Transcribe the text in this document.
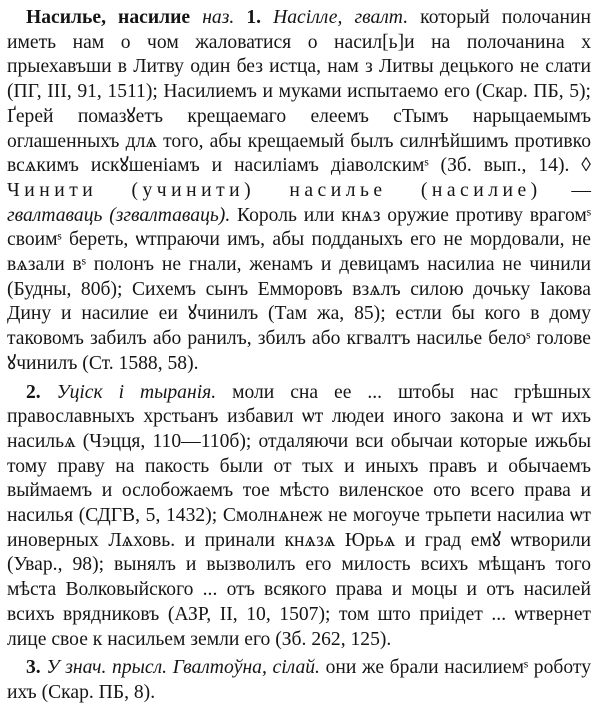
Насилье, насилие наз. 1. Насілле, гвалт. который полочанин иметь нам о чом жаловатися о насил[ь]и на полочанина х прыехавъши в Литву один без истца, нам з Литвы децького не слати (ПГ, III, 91, 1511); Насилиемъ и муками испытаемо его (Скар. ПБ, 5); Ґерей помазꙋетъ крещаемаго елеемъ сТымъ нарыцаемымъ оглашенныхъ длѧ того, абы крещаемый былъ силнѣйшимъ противко всѧкимъ искꙋшеніамъ и насиліамъ діаволскимˢ (Зб. вып., 14). ◊ Чинити (учинити) насилье (насилие) — гвалтаваць (згвалтаваць). Король или кнѧз оружие противу врагомˢ своимˢ береть, ѡтпраючи имъ, абы подданыхъ его не мордовали, не вѧзали вˢ полонъ не гнали, женамъ и девицамъ насилиа не чинили (Будны, 80б); Сихемъ сынъ Емморовъ взѧлъ силою дочьку Іакова Дину и насилие еи ꙋчинилъ (Там жа, 85); естли бы кого в дому таковомъ забилъ або ранилъ, збилъ або кгвалтъ насилье белоˢ голове ꙋчинилъ (Ст. 1588, 58).

2. Уціск і тыранія. моли сна ее ... штобы нас грѣшных православныхъ хрстьанъ избавил ѡт людеи иного закона и ѡт ихъ насильѧ (Чэцця, 110—110б); отдаляючи вси обычаи которые ижьбы тому праву на пакость были от тых и иныхъ правъ и обычаемъ выймаемъ и ослобожаемъ тое мѣсто виленское ото всего права и насилья (СДГВ, 5, 1432); Смолнѧнеж не могоуче трьпети насилиа ѡт иноверных Лѧховь. и принали кнѧзѧ Юрьѧ и град емꙋ ѡтворили (Увар., 98); вынялъ и вызволилъ его милость всихъ мѣщанъ того мѣста Волковыйского ... отъ всякого права и моцы и отъ насилей всихъ врядниковъ (АЗР, II, 10, 1507); том што приідет ... ѡтвернет лице свое к насильем земли его (Зб. 262, 125).

3. У знач. прысл. Гвалтоўна, сілай. они же брали насилиемˢ роботу ихъ (Скар. ПБ, 8).
